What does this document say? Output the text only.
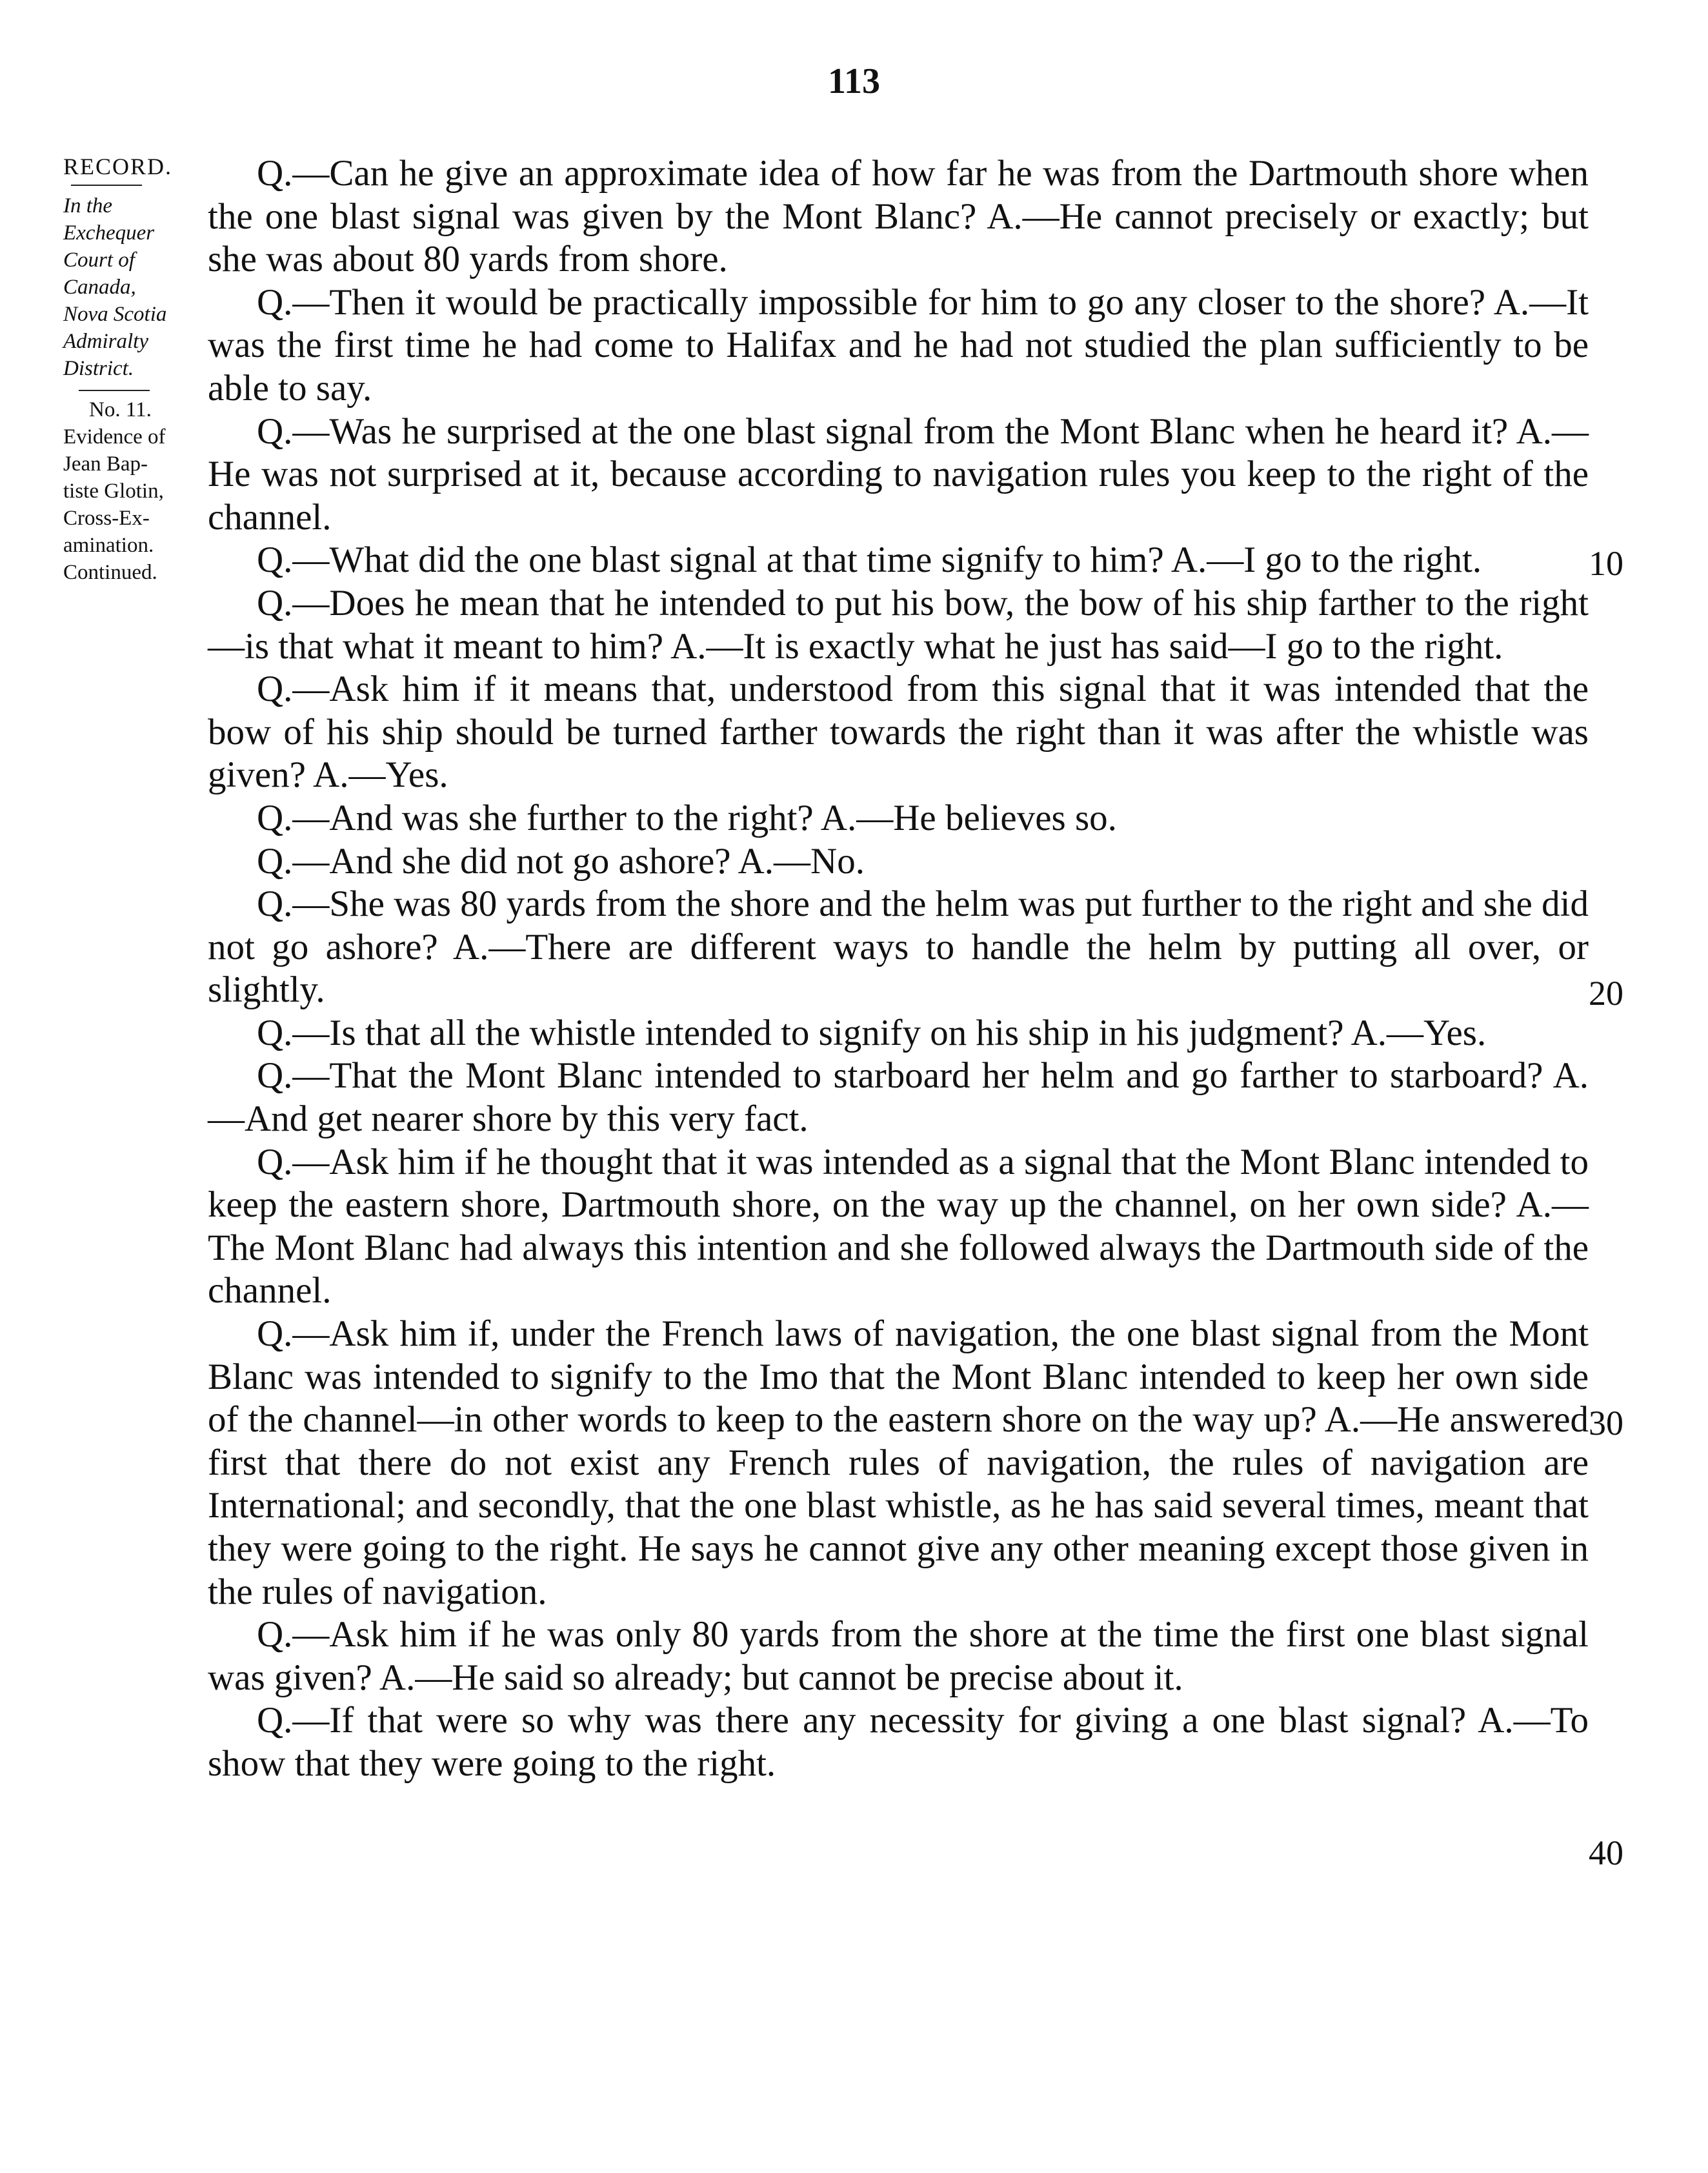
113
RECORD.
In the
Exchequer
Court of
Canada,
Nova Scotia
Admiralty
District.
No. 11.
Evidence of
Jean Bap-
tiste Glotin,
Cross-Ex-
amination.
Continued.

Q.—Can he give an approximate idea of how far he was from the Dartmouth shore when the one blast signal was given by the Mont Blanc? A.—He cannot precisely or exactly; but she was about 80 yards from shore.

Q.—Then it would be practically impossible for him to go any closer to the shore? A.—It was the first time he had come to Halifax and he had not studied the plan sufficiently to be able to say.

Q.—Was he surprised at the one blast signal from the Mont Blanc when he heard it? A.—He was not surprised at it, because according to navigation rules you keep to the right of the channel.

Q.—What did the one blast signal at that time signify to him? A.—I go to the right.

Q.—Does he mean that he intended to put his bow, the bow of his ship farther to the right—is that what it meant to him? A.—It is exactly what he just has said—I go to the right.

Q.—Ask him if it means that, understood from this signal that it was intended that the bow of his ship should be turned farther towards the right than it was after the whistle was given? A.—Yes.

Q.—And was she further to the right? A.—He believes so.

Q.—And she did not go ashore? A.—No.

Q.—She was 80 yards from the shore and the helm was put further to the right and she did not go ashore? A.—There are different ways to handle the helm by putting all over, or slightly.

Q.—Is that all the whistle intended to signify on his ship in his judgment? A.—Yes.

Q.—That the Mont Blanc intended to starboard her helm and go farther to starboard? A.—And get nearer shore by this very fact.

Q.—Ask him if he thought that it was intended as a signal that the Mont Blanc intended to keep the eastern shore, Dartmouth shore, on the way up the channel, on her own side? A.—The Mont Blanc had always this intention and she followed always the Dartmouth side of the channel.

Q.—Ask him if, under the French laws of navigation, the one blast signal from the Mont Blanc was intended to signify to the Imo that the Mont Blanc intended to keep her own side of the channel—in other words to keep to the eastern shore on the way up? A.—He answered first that there do not exist any French rules of navigation, the rules of navigation are International; and secondly, that the one blast whistle, as he has said several times, meant that they were going to the right. He says he cannot give any other meaning except those given in the rules of navigation.

Q.—Ask him if he was only 80 yards from the shore at the time the first one blast signal was given? A.—He said so already; but cannot be precise about it.

Q.—If that were so why was there any necessity for giving a one blast signal? A.—To show that they were going to the right.

10
20
30
40
